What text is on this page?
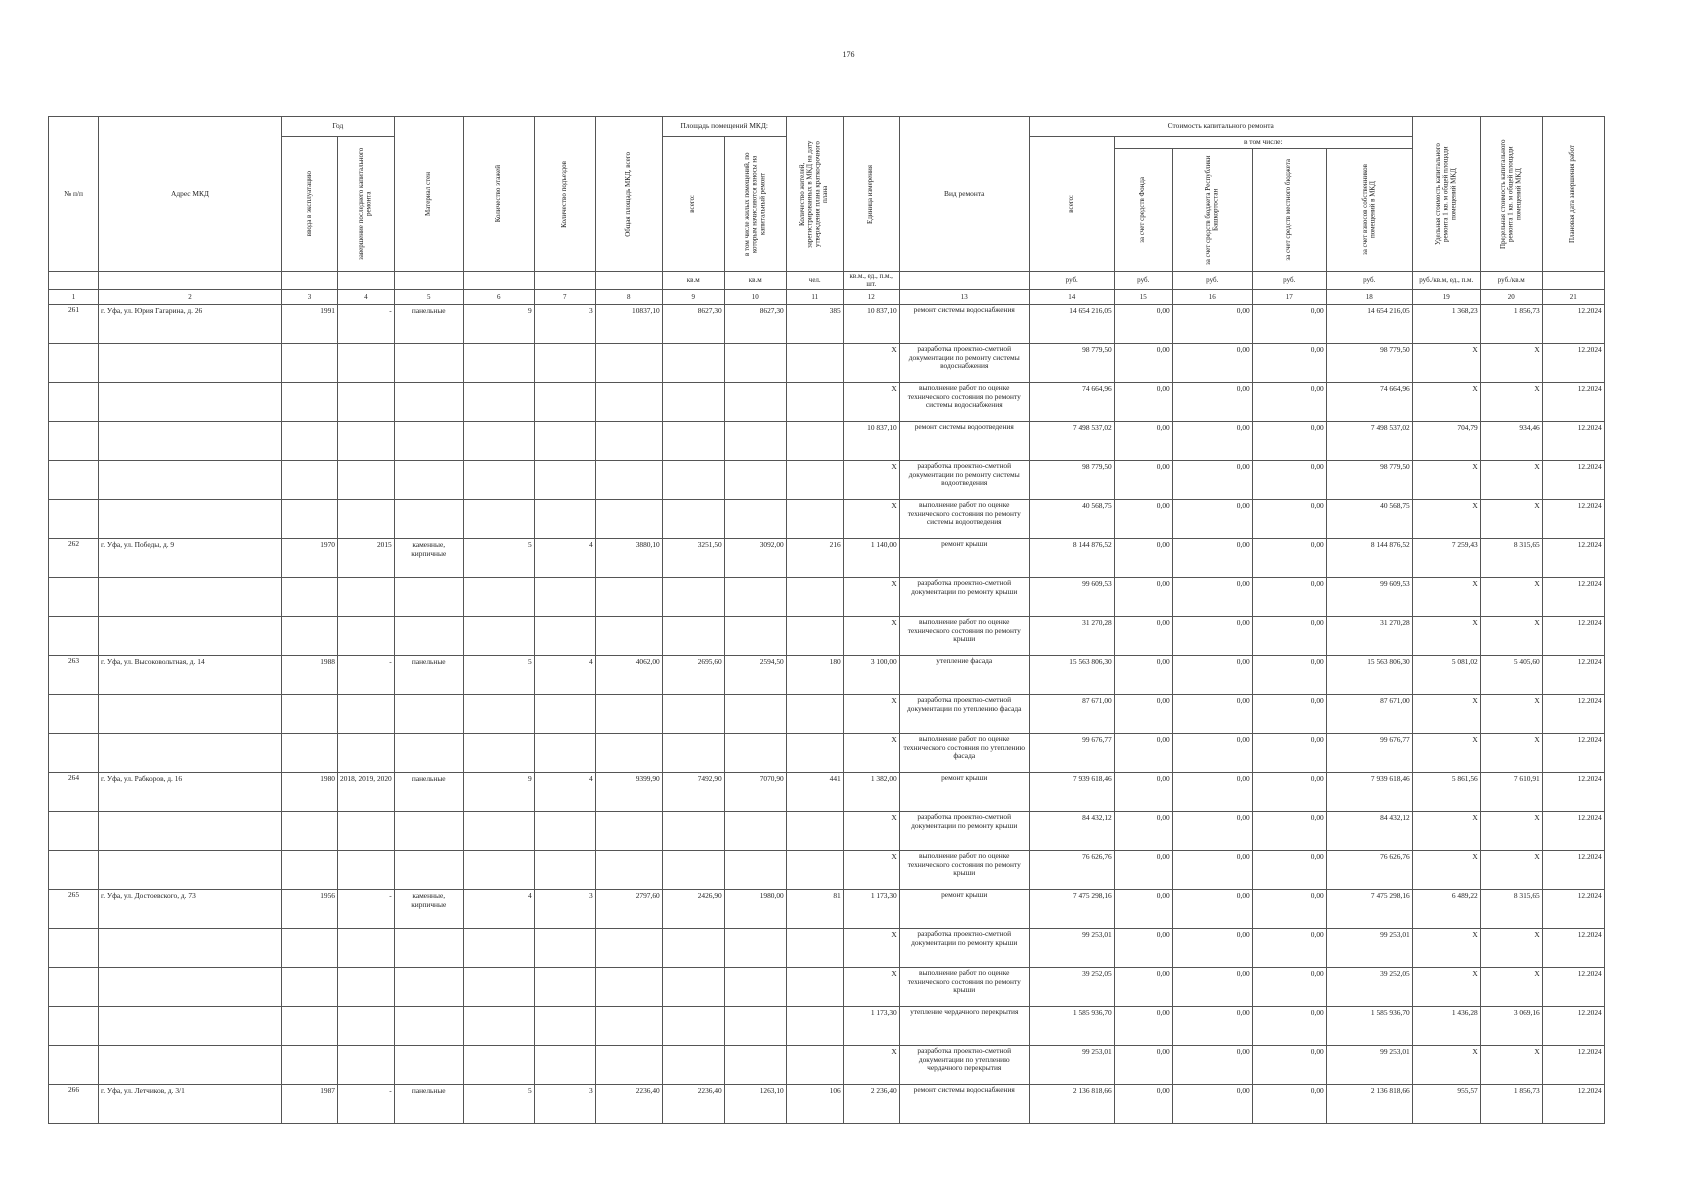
176
№ п/п	Адрес МКД	Год		Материал стен	Количество этажей	Количество подъездов	Общая площадь МКД, всего	Площадь помещений МКД:		Количество жителей, зарегистрированных в МКД на дату утверждения плана краткосрочного плана	Единица измерения	Вид ремонта	Стоимость капитального ремонта					Удельная стоимость капитального ремонта 1 кв. м общей площади помещений МКД	Предельная стоимость капитального ремонта 1 кв. м общей площади помещений МКД	Плановая дата завершения работ

		ввода в эксплуатацию	завершение последнего капитального ремонта					всего:	в том числе жилых помещений, по которым начисляются взносы на капитальный ремонт				всего:	в том числе:						

														за счет средств Фонда	за счет средств бюджета Республики Башкортостан	за счет средств местного бюджета	за счет взносов собственников помещений в МКД			

								кв.м	кв.м	чел.	кв.м., ед., п.м., шт.		руб.	руб.	руб.	руб.	руб.	руб./кв.м, ед., п.м.	руб./кв.м	
1	2	3	4	5	6	7	8	9	10	11	12	13	14	15	16	17	18	19	20	21
261	г. Уфа, ул. Юрия Гагарина, д. 26	1991	-	панельные	9	3	10837,10	8627,30	8627,30	385	10 837,10	ремонт системы водоснабжения	14 654 216,05	0,00	0,00	0,00	14 654 216,05	1 368,23	1 856,73	12.2024
											X	разработка проектно-сметной документации по ремонту системы водоснабжения	98 779,50	0,00	0,00	0,00	98 779,50	X	X	12.2024
											X	выполнение работ по оценке технического состояния по ремонту системы водоснабжения	74 664,96	0,00	0,00	0,00	74 664,96	X	X	12.2024
											10 837,10	ремонт системы водоотведения	7 498 537,02	0,00	0,00	0,00	7 498 537,02	704,79	934,46	12.2024
											X	разработка проектно-сметной документации по ремонту системы водоотведения	98 779,50	0,00	0,00	0,00	98 779,50	X	X	12.2024
											X	выполнение работ по оценке технического состояния по ремонту системы водоотведения	40 568,75	0,00	0,00	0,00	40 568,75	X	X	12.2024
262	г. Уфа, ул. Победы, д. 9	1970	2015	каменные, кирпичные	5	4	3880,10	3251,50	3092,00	216	1 140,00	ремонт крыши	8 144 876,52	0,00	0,00	0,00	8 144 876,52	7 259,43	8 315,65	12.2024
											X	разработка проектно-сметной документации по ремонту крыши	99 609,53	0,00	0,00	0,00	99 609,53	X	X	12.2024
											X	выполнение работ по оценке технического состояния по ремонту крыши	31 270,28	0,00	0,00	0,00	31 270,28	X	X	12.2024
263	г. Уфа, ул. Высоковольтная, д. 14	1988	-	панельные	5	4	4062,00	2695,60	2594,50	180	3 100,00	утепление фасада	15 563 806,30	0,00	0,00	0,00	15 563 806,30	5 081,02	5 405,60	12.2024
											X	разработка проектно-сметной документации по утеплению фасада	87 671,00	0,00	0,00	0,00	87 671,00	X	X	12.2024
											X	выполнение работ по оценке технического состояния по утеплению фасада	99 676,77	0,00	0,00	0,00	99 676,77	X	X	12.2024
264	г. Уфа, ул. Рабкоров, д. 16	1980	2018, 2019, 2020	панельные	9	4	9399,90	7492,90	7070,90	441	1 382,00	ремонт крыши	7 939 618,46	0,00	0,00	0,00	7 939 618,46	5 861,56	7 610,91	12.2024
											X	разработка проектно-сметной документации по ремонту крыши	84 432,12	0,00	0,00	0,00	84 432,12	X	X	12.2024
											X	выполнение работ по оценке технического состояния по ремонту крыши	76 626,76	0,00	0,00	0,00	76 626,76	X	X	12.2024
265	г. Уфа, ул. Достоевского, д. 73	1956	-	каменные, кирпичные	4	3	2797,60	2426,90	1980,00	81	1 173,30	ремонт крыши	7 475 298,16	0,00	0,00	0,00	7 475 298,16	6 489,22	8 315,65	12.2024
											X	разработка проектно-сметной документации по ремонту крыши	99 253,01	0,00	0,00	0,00	99 253,01	X	X	12.2024
											X	выполнение работ по оценке технического состояния по ремонту крыши	39 252,05	0,00	0,00	0,00	39 252,05	X	X	12.2024
											1 173,30	утепление чердачного перекрытия	1 585 936,70	0,00	0,00	0,00	1 585 936,70	1 436,28	3 069,16	12.2024
											X	разработка проектно-сметной документации по утеплению чердачного перекрытия	99 253,01	0,00	0,00	0,00	99 253,01	X	X	12.2024
266	г. Уфа, ул. Летчиков, д. 3/1	1987	-	панельные	5	3	2236,40	2236,40	1263,10	106	2 236,40	ремонт системы водоснабжения	2 136 818,66	0,00	0,00	0,00	2 136 818,66	955,57	1 856,73	12.2024
